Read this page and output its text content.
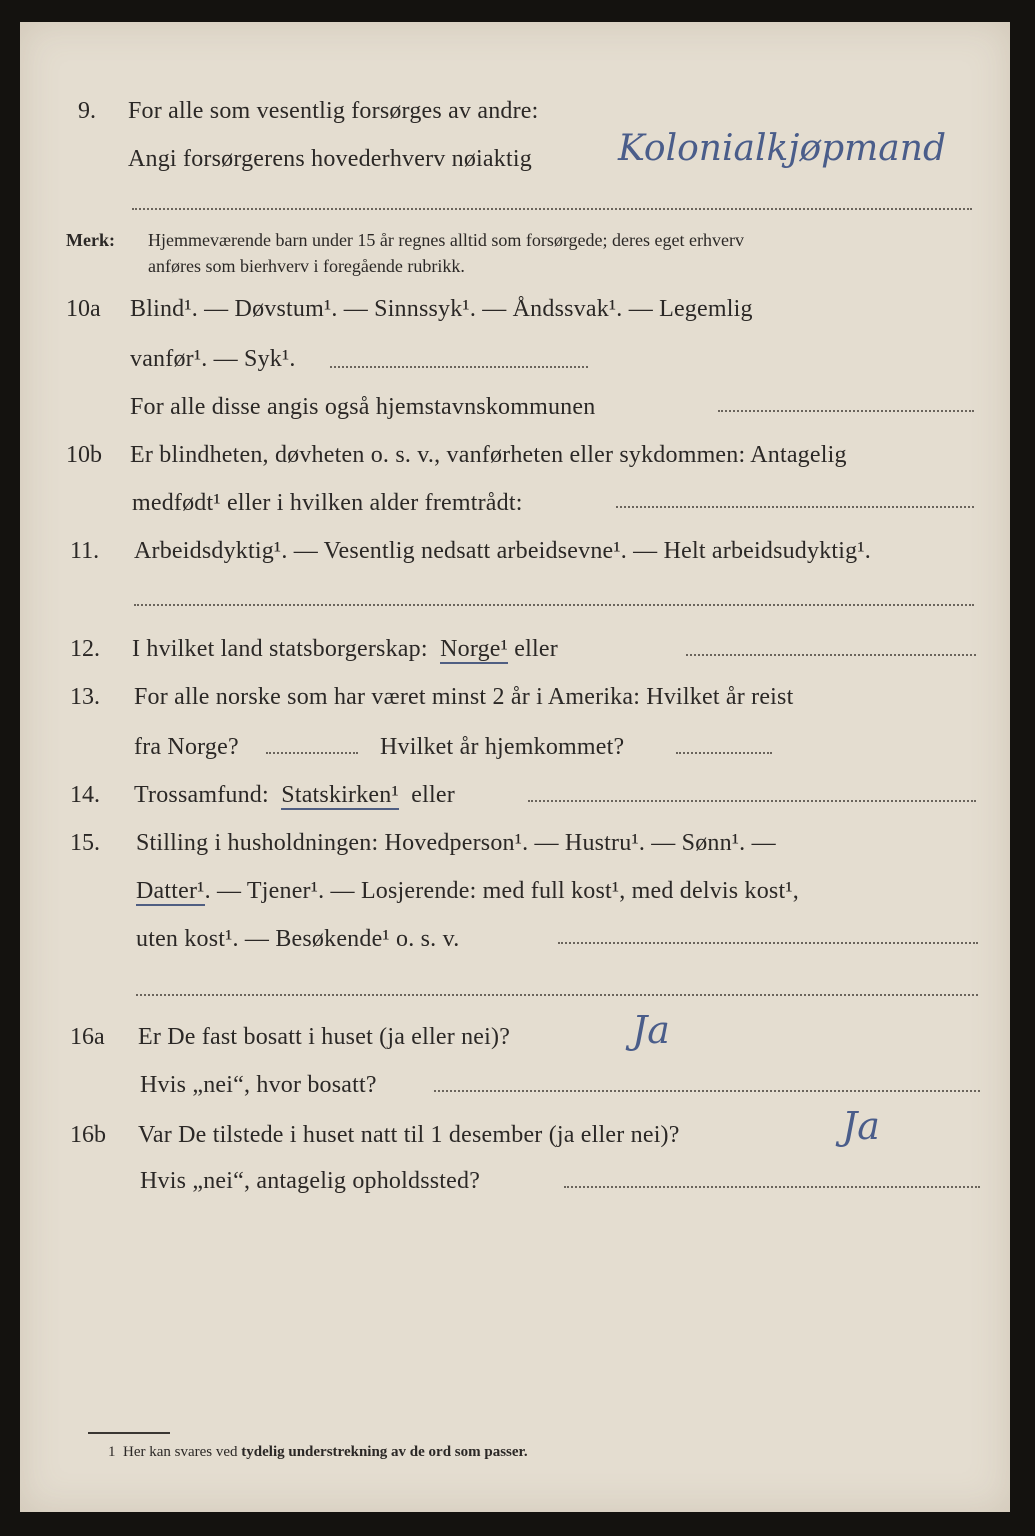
9. For alle som vesentlig forsørges av andre:
Angi forsørgerens hovederhverv nøiaktig Kolonialkjøpmand
Merk: Hjemmeværende barn under 15 år regnes alltid som forsørgede; deres eget erhverv
anføres som bierhverv i foregående rubrikk.
10a Blind¹. — Døvstum¹. — Sinnssyk¹. — Åndssvak¹. — Legemlig
vanfør¹. — Syk¹.
For alle disse angis også hjemstavnskommunen
10b Er blindheten, døvheten o. s. v., vanførheten eller sykdommen: Antagelig
medfødt¹ eller i hvilken alder fremtrådt:
11. Arbeidsdyktig¹. — Vesentlig nedsatt arbeidsevne¹. — Helt arbeidsudyktig¹.
12. I hvilket land statsborgerskap: Norge¹ eller
13. For alle norske som har været minst 2 år i Amerika: Hvilket år reist
fra Norge?	Hvilket år hjemkommet?
14. Trossamfund: Statskirken¹ eller
15. Stilling i husholdningen: Hovedperson¹. — Hustru¹. — Sønn¹. —
Datter¹. — Tjener¹. — Losjerende: med full kost¹, med delvis kost¹,
uten kost¹. — Besøkende¹ o. s. v.
16a Er De fast bosatt i huset (ja eller nei)?	Ja
Hvis „nei“, hvor bosatt?
16b Var De tilstede i huset natt til 1 desember (ja eller nei)?	Ja
Hvis „nei“, antagelig opholdssted?
1 Her kan svares ved tydelig understrekning av de ord som passer.
